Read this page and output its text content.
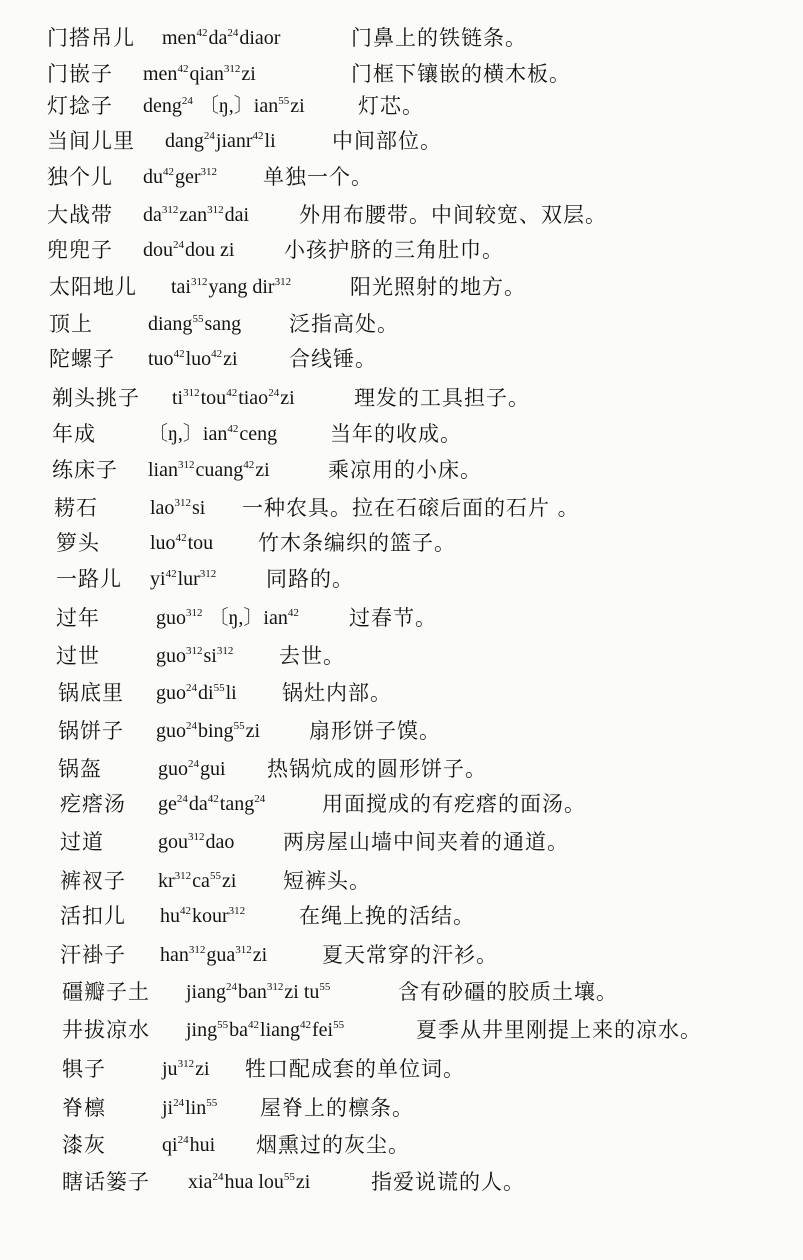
门搭吊儿 $men^{42}da^{24}diaor$	门鼻上的铁链条。
门嵌子 men$^{42}$qian$^{312}$zi	门框下镶嵌的横木板。
灯捻子 deng$^{24}$ 〔ŋ,〕ian$^{55}$zi	灯芯。
当间儿里 dang$^{24}$jianr$^{42}$li	中间部位。
独个儿 $du^{42}ger^{312}$ 单独一个。
大战带 $da^{312}zan^{312}dai$ 外用布腰带。中间较宽、双层。
兜兜子 dou$^{24}$dou zi 小孩护脐的三角肚巾。
太阳地儿 tai$^{312}$yang dir$^{312}$	阳光照射的地方。
顶上	diang$^{55}$sang 泛指高处。
陀螺子 tuo$^{42}$luo$^{42}$zi 合线锤。
剃头挑子 $ti^{312}tou^{42}tiao^{24}zi$	理发的工具担子。
年成	〔ŋ,〕ian$^{42}$ceng	当年的收成。
练床子 lian$^{312}$cuang$^{42}$zi	乘凉用的小床。
耢石	lao$^{312}$si 一种农具。拉在石磙后面的石片 。
箩头	luo$^{42}$tou 竹木条编织的篮子。
一路儿 $yi^{42}lur^{312}$ 同路的。
过年	guo$^{312}$ 〔ŋ,〕ian$^{42}$ 过春节。
过世	$guo^{312}si^{312}$ 去世。
锅底里 $guo^{24}di^{55}li$ 锅灶内部。
锅饼子 guo$^{24}$bing$^{55}$zi 扇形饼子馍。
锅盔	guo$^{24}$gui 热锅炕成的圆形饼子。
疙瘩汤 $ge^{24}da^{42}\tan g^{24}$	用面搅成的有疙瘩的面汤。
过道	gou$^{312}$dao 两房屋山墙中间夹着的通道。
裤衩子 $kr^{312}ca^{55}zi$ 短裤头。
活扣儿 $hu^{42}kour^{312}$	在绳上挽的活结。
汗褂子 han$^{312}$gua$^{312}$zi	夏天常穿的汗衫。
礓瓣子土 jiang$^{24}$ban$^{312}$zi $tu^{55}$	含有砂礓的胶质土壤。
井拔凉水 $jing^{55}ba^{42}liang^{42}fei^{55}$	夏季从井里刚提上来的凉水。
犋子	$ju^{312}zi$ 牲口配成套的单位词。
脊檩	$ji^{24}lin^{55}$ 屋脊上的檩条。
漆灰	$qi^{24}hui$ 烟熏过的灰尘。
瞎话篓子 xia$^{24}$hua lou$^{55}$zi	指爱说谎的人。
